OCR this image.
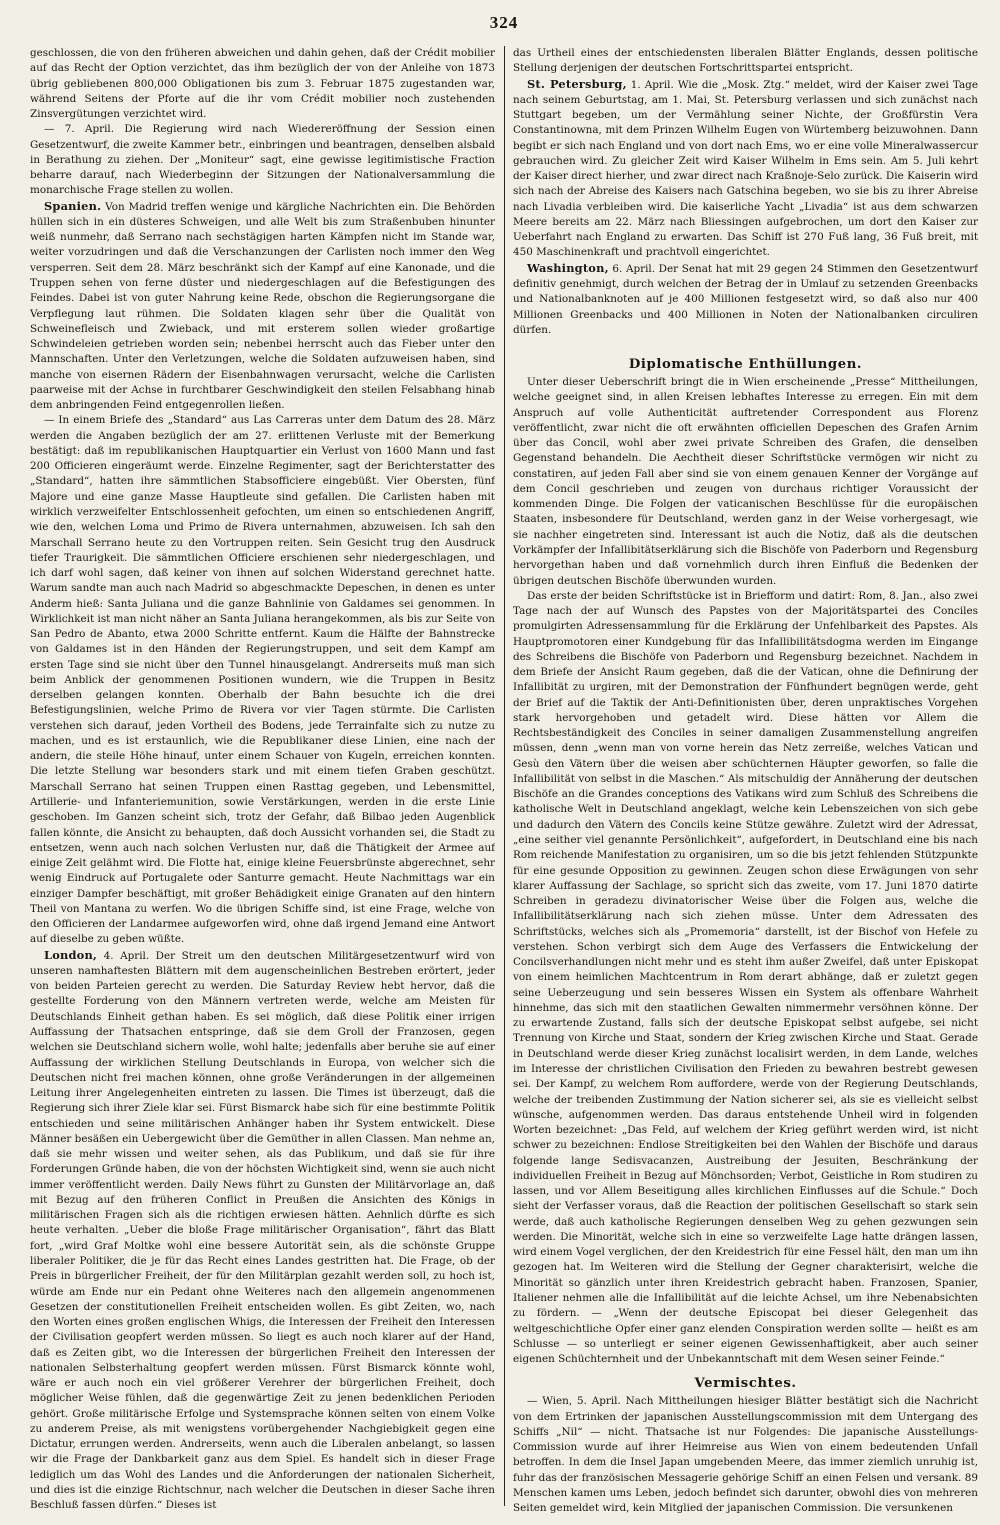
324

geschlossen, die von den früheren abweichen und dahin gehen, daß der Crédit mobilier auf das Recht der Option verzichtet, das ihm bezüglich der von der Anleihe von 1873 übrig gebliebenen 800,000 Obligationen bis zum 3. Februar 1875 zugestanden war, während Seitens der Pforte auf die ihr vom Crédit mobilier noch zustehenden Zinsvergütungen verzichtet wird.

— 7. April. Die Regierung wird nach Wiedereröffnung der Session einen Gesetzentwurf, die zweite Kammer betr., einbringen und beantragen, denselben alsbald in Berathung zu ziehen. Der „Moniteur“ sagt, eine gewisse legitimistische Fraction beharre darauf, nach Wiederbeginn der Sitzungen der Nationalversammlung die monarchische Frage stellen zu wollen.

Spanien. Von Madrid treffen wenige und kärgliche Nachrichten ein. Die Behörden hüllen sich in ein düsteres Schweigen, und alle Welt bis zum Straßenbuben hinunter weiß nunmehr, daß Serrano nach sechstägigen harten Kämpfen nicht im Stande war, weiter vorzudringen und daß die Verschanzungen der Carlisten noch immer den Weg versperren. Seit dem 28. März beschränkt sich der Kampf auf eine Kanonade, und die Truppen sehen von ferne düster und niedergeschlagen auf die Befestigungen des Feindes. Dabei ist von guter Nahrung keine Rede, obschon die Regierungsorgane die Verpflegung laut rühmen. Die Soldaten klagen sehr über die Qualität von Schweinefleisch und Zwieback, und mit ersterem sollen wieder großartige Schwindeleien getrieben worden sein; nebenbei herrscht auch das Fieber unter den Mannschaften. Unter den Verletzungen, welche die Soldaten aufzuweisen haben, sind manche von eisernen Rädern der Eisenbahnwagen verursacht, welche die Carlisten paarweise mit der Achse in furchtbarer Geschwindigkeit den steilen Felsabhang hinab dem anbringenden Feind entgegenrollen ließen.

— In einem Briefe des „Standard“ aus Las Carreras unter dem Datum des 28. März werden die Angaben bezüglich der am 27. erlittenen Verluste mit der Bemerkung bestätigt: daß im republikanischen Hauptquartier ein Verlust von 1600 Mann und fast 200 Officieren eingeräumt werde. Einzelne Regimenter, sagt der Berichterstatter des „Standard“, hatten ihre sämmtlichen Stabsofficiere eingebüßt. Vier Obersten, fünf Majore und eine ganze Masse Hauptleute sind gefallen. Die Carlisten haben mit wirklich verzweifelter Entschlossenheit gefochten, um einen so entschiedenen Angriff, wie den, welchen Loma und Primo de Rivera unternahmen, abzuweisen. Ich sah den Marschall Serrano heute zu den Vortruppen reiten. Sein Gesicht trug den Ausdruck tiefer Traurigkeit. Die sämmtlichen Officiere erschienen sehr niedergeschlagen, und ich darf wohl sagen, daß keiner von ihnen auf solchen Widerstand gerechnet hatte. Warum sandte man auch nach Madrid so abgeschmackte Depeschen, in denen es unter Anderm hieß: Santa Juliana und die ganze Bahnlinie von Galdames sei genommen. In Wirklichkeit ist man nicht näher an Santa Juliana herangekommen, als bis zur Seite von San Pedro de Abanto, etwa 2000 Schritte entfernt. Kaum die Hälfte der Bahnstrecke von Galdames ist in den Händen der Regierungstruppen, und seit dem Kampf am ersten Tage sind sie nicht über den Tunnel hinausgelangt. Andrerseits muß man sich beim Anblick der genommenen Positionen wundern, wie die Truppen in Besitz derselben gelangen konnten. Oberhalb der Bahn besuchte ich die drei Befestigungslinien, welche Primo de Rivera vor vier Tagen stürmte. Die Carlisten verstehen sich darauf, jeden Vortheil des Bodens, jede Terrainfalte sich zu nutze zu machen, und es ist erstaunlich, wie die Republikaner diese Linien, eine nach der andern, die steile Höhe hinauf, unter einem Schauer von Kugeln, erreichen konnten. Die letzte Stellung war besonders stark und mit einem tiefen Graben geschützt. Marschall Serrano hat seinen Truppen einen Rasttag gegeben, und Lebensmittel, Artillerie- und Infanteriemunition, sowie Verstärkungen, werden in die erste Linie geschoben. Im Ganzen scheint sich, trotz der Gefahr, daß Bilbao jeden Augenblick fallen könnte, die Ansicht zu behaupten, daß doch Aussicht vorhanden sei, die Stadt zu entsetzen, wenn auch nach solchen Verlusten nur, daß die Thätigkeit der Armee auf einige Zeit gelähmt wird. Die Flotte hat, einige kleine Feuersbrünste abgerechnet, sehr wenig Eindruck auf Portugalete oder Santurre gemacht. Heute Nachmittags war ein einziger Dampfer beschäftigt, mit großer Behädigkeit einige Granaten auf den hintern Theil von Mantana zu werfen. Wo die übrigen Schiffe sind, ist eine Frage, welche von den Officieren der Landarmee aufgeworfen wird, ohne daß irgend Jemand eine Antwort auf dieselbe zu geben wüßte.

London, 4. April. Der Streit um den deutschen Militärgesetzentwurf wird von unseren namhaftesten Blättern mit dem augenscheinlichen Bestreben erörtert, jeder von beiden Parteien gerecht zu werden. Die Saturday Review hebt hervor, daß die gestellte Forderung von den Männern vertreten werde, welche am Meisten für Deutschlands Einheit gethan haben. Es sei möglich, daß diese Politik einer irrigen Auffassung der Thatsachen entspringe, daß sie dem Groll der Franzosen, gegen welchen sie Deutschland sichern wolle, wohl halte; jedenfalls aber beruhe sie auf einer Auffassung der wirklichen Stellung Deutschlands in Europa, von welcher sich die Deutschen nicht frei machen können, ohne große Veränderungen in der allgemeinen Leitung ihrer Angelegenheiten eintreten zu lassen. Die Times ist überzeugt, daß die Regierung sich ihrer Ziele klar sei. Fürst Bismarck habe sich für eine bestimmte Politik entschieden und seine militärischen Anhänger haben ihr System entwickelt. Diese Männer besäßen ein Uebergewicht über die Gemüther in allen Classen. Man nehme an, daß sie mehr wissen und weiter sehen, als das Publikum, und daß sie für ihre Forderungen Gründe haben, die von der höchsten Wichtigkeit sind, wenn sie auch nicht immer veröffentlicht werden. Daily News führt zu Gunsten der Militärvorlage an, daß mit Bezug auf den früheren Conflict in Preußen die Ansichten des Königs in militärischen Fragen sich als die richtigen erwiesen hätten. Aehnlich dürfte es sich heute verhalten. „Ueber die bloße Frage militärischer Organisation“, fährt das Blatt fort, „wird Graf Moltke wohl eine bessere Autorität sein, als die schönste Gruppe liberaler Politiker, die je für das Recht eines Landes gestritten hat. Die Frage, ob der Preis in bürgerlicher Freiheit, der für den Militärplan gezahlt werden soll, zu hoch ist, würde am Ende nur ein Pedant ohne Weiteres nach den allgemein angenommenen Gesetzen der constitutionellen Freiheit entscheiden wollen. Es gibt Zeiten, wo, nach den Worten eines großen englischen Whigs, die Interessen der Freiheit den Interessen der Civilisation geopfert werden müssen. So liegt es auch noch klarer auf der Hand, daß es Zeiten gibt, wo die Interessen der bürgerlichen Freiheit den Interessen der nationalen Selbsterhaltung geopfert werden müssen. Fürst Bismarck könnte wohl, wäre er auch noch ein viel größerer Verehrer der bürgerlichen Freiheit, doch möglicher Weise fühlen, daß die gegenwärtige Zeit zu jenen bedenklichen Perioden gehört. Große militärische Erfolge und Systemsprache können selten von einem Volke zu anderem Preise, als mit wenigstens vorübergehender Nachgiebigkeit gegen eine Dictatur, errungen werden. Andrerseits, wenn auch die Liberalen anbelangt, so lassen wir die Frage der Dankbarkeit ganz aus dem Spiel. Es handelt sich in dieser Frage lediglich um das Wohl des Landes und die Anforderungen der nationalen Sicherheit, und dies ist die einzige Richtschnur, nach welcher die Deutschen in dieser Sache ihren Beschluß fassen dürfen.“ Dieses ist

das Urtheil eines der entschiedensten liberalen Blätter Englands, dessen politische Stellung derjenigen der deutschen Fortschrittspartei entspricht.

St. Petersburg, 1. April. Wie die „Mosk. Ztg.“ meldet, wird der Kaiser zwei Tage nach seinem Geburtstag, am 1. Mai, St. Petersburg verlassen und sich zunächst nach Stuttgart begeben, um der Vermählung seiner Nichte, der Großfürstin Vera Constantinowna, mit dem Prinzen Wilhelm Eugen von Würtemberg beizuwohnen. Dann begibt er sich nach England und von dort nach Ems, wo er eine volle Mineralwassercur gebrauchen wird. Zu gleicher Zeit wird Kaiser Wilhelm in Ems sein. Am 5. Juli kehrt der Kaiser direct hierher, und zwar direct nach Kraßnoje-Selo zurück. Die Kaiserin wird sich nach der Abreise des Kaisers nach Gatschina begeben, wo sie bis zu ihrer Abreise nach Livadia verbleiben wird. Die kaiserliche Yacht „Livadia“ ist aus dem schwarzen Meere bereits am 22. März nach Bliessingen aufgebrochen, um dort den Kaiser zur Ueberfahrt nach England zu erwarten. Das Schiff ist 270 Fuß lang, 36 Fuß breit, mit 450 Maschinenkraft und prachtvoll eingerichtet.

Washington, 6. April. Der Senat hat mit 29 gegen 24 Stimmen den Gesetzentwurf definitiv genehmigt, durch welchen der Betrag der in Umlauf zu setzenden Greenbacks und Nationalbanknoten auf je 400 Millionen festgesetzt wird, so daß also nur 400 Millionen Greenbacks und 400 Millionen in Noten der Nationalbanken circuliren dürfen.

Diplomatische Enthüllungen.

Unter dieser Ueberschrift bringt die in Wien erscheinende „Presse“ Mittheilungen, welche geeignet sind, in allen Kreisen lebhaftes Interesse zu erregen. Ein mit dem Anspruch auf volle Authenticität auftretender Correspondent aus Florenz veröffentlicht, zwar nicht die oft erwähnten officiellen Depeschen des Grafen Arnim über das Concil, wohl aber zwei private Schreiben des Grafen, die denselben Gegenstand behandeln. Die Aechtheit dieser Schriftstücke vermögen wir nicht zu constatiren, auf jeden Fall aber sind sie von einem genauen Kenner der Vorgänge auf dem Concil geschrieben und zeugen von durchaus richtiger Voraussicht der kommenden Dinge. Die Folgen der vaticanischen Beschlüsse für die europäischen Staaten, insbesondere für Deutschland, werden ganz in der Weise vorhergesagt, wie sie nachher eingetreten sind. Interessant ist auch die Notiz, daß als die deutschen Vorkämpfer der Infallibitätserklärung sich die Bischöfe von Paderborn und Regensburg hervorgethan haben und daß vornehmlich durch ihren Einfluß die Bedenken der übrigen deutschen Bischöfe überwunden wurden.

Das erste der beiden Schriftstücke ist in Briefform und datirt: Rom, 8. Jan., also zwei Tage nach der auf Wunsch des Papstes von der Majoritätspartei des Conciles promulgirten Adressensammlung für die Erklärung der Unfehlbarkeit des Papstes. Als Hauptpromotoren einer Kundgebung für das Infallibilitätsdogma werden im Eingange des Schreibens die Bischöfe von Paderborn und Regensburg bezeichnet. Nachdem in dem Briefe der Ansicht Raum gegeben, daß die der Vatican, ohne die Definirung der Infallibität zu urgiren, mit der Demonstration der Fünfhundert begnügen werde, geht der Brief auf die Taktik der Anti-Definitionisten über, deren unpraktisches Vorgehen stark hervorgehoben und getadelt wird. Diese hätten vor Allem die Rechtsbeständigkeit des Conciles in seiner damaligen Zusammenstellung angreifen müssen, denn „wenn man von vorne herein das Netz zerreiße, welches Vatican und Gesù den Vätern über die weisen aber schüchternen Häupter geworfen, so falle die Infallibilität von selbst in die Maschen.“ Als mitschuldig der Annäherung der deutschen Bischöfe an die Grandes conceptions des Vatikans wird zum Schluß des Schreibens die katholische Welt in Deutschland angeklagt, welche kein Lebenszeichen von sich gebe und dadurch den Vätern des Concils keine Stütze gewähre. Zuletzt wird der Adressat, „eine seither viel genannte Persönlichkeit“, aufgefordert, in Deutschland eine bis nach Rom reichende Manifestation zu organisiren, um so die bis jetzt fehlenden Stützpunkte für eine gesunde Opposition zu gewinnen. Zeugen schon diese Erwägungen von sehr klarer Auffassung der Sachlage, so spricht sich das zweite, vom 17. Juni 1870 datirte Schreiben in geradezu divinatorischer Weise über die Folgen aus, welche die Infallibilitätserklärung nach sich ziehen müsse. Unter dem Adressaten des Schriftstücks, welches sich als „Promemoria“ darstellt, ist der Bischof von Hefele zu verstehen. Schon verbirgt sich dem Auge des Verfassers die Entwickelung der Concilsverhandlungen nicht mehr und es steht ihm außer Zweifel, daß unter Episkopat von einem heimlichen Machtcentrum in Rom derart abhänge, daß er zuletzt gegen seine Ueberzeugung und sein besseres Wissen ein System als offenbare Wahrheit hinnehme, das sich mit den staatlichen Gewalten nimmermehr versöhnen könne. Der zu erwartende Zustand, falls sich der deutsche Episkopat selbst aufgebe, sei nicht Trennung von Kirche und Staat, sondern der Krieg zwischen Kirche und Staat. Gerade in Deutschland werde dieser Krieg zunächst localisirt werden, in dem Lande, welches im Interesse der christlichen Civilisation den Frieden zu bewahren bestrebt gewesen sei. Der Kampf, zu welchem Rom auffordere, werde von der Regierung Deutschlands, welche der treibenden Zustimmung der Nation sicherer sei, als sie es vielleicht selbst wünsche, aufgenommen werden. Das daraus entstehende Unheil wird in folgenden Worten bezeichnet: „Das Feld, auf welchem der Krieg geführt werden wird, ist nicht schwer zu bezeichnen: Endlose Streitigkeiten bei den Wahlen der Bischöfe und daraus folgende lange Sedisvacanzen, Austreibung der Jesuiten, Beschränkung der individuellen Freiheit in Bezug auf Mönchsorden; Verbot, Geistliche in Rom studiren zu lassen, und vor Allem Beseitigung alles kirchlichen Einflusses auf die Schule.“ Doch sieht der Verfasser voraus, daß die Reaction der politischen Gesellschaft so stark sein werde, daß auch katholische Regierungen denselben Weg zu gehen gezwungen sein werden. Die Minorität, welche sich in eine so verzweifelte Lage hatte drängen lassen, wird einem Vogel verglichen, der den Kreidestrich für eine Fessel hält, den man um ihn gezogen hat. Im Weiteren wird die Stellung der Gegner charakterisirt, welche die Minorität so gänzlich unter ihren Kreidestrich gebracht haben. Franzosen, Spanier, Italiener nehmen alle die Infallibilität auf die leichte Achsel, um ihre Nebenabsichten zu fördern. — „Wenn der deutsche Episcopat bei dieser Gelegenheit das weltgeschichtliche Opfer einer ganz elenden Conspiration werden sollte — heißt es am Schlusse — so unterliegt er seiner eigenen Gewissenhaftigkeit, aber auch seiner eigenen Schüchternheit und der Unbekanntschaft mit dem Wesen seiner Feinde.“

Vermischtes.

— Wien, 5. April. Nach Mittheilungen hiesiger Blätter bestätigt sich die Nachricht von dem Ertrinken der japanischen Ausstellungscommission mit dem Untergang des Schiffs „Nil“ — nicht. Thatsache ist nur Folgendes: Die japanische Ausstellungs-Commission wurde auf ihrer Heimreise aus Wien von einem bedeutenden Unfall betroffen. In dem die Insel Japan umgebenden Meere, das immer ziemlich unruhig ist, fuhr das der französischen Messagerie gehörige Schiff an einen Felsen und versank. 89 Menschen kamen ums Leben, jedoch befindet sich darunter, obwohl dies von mehreren Seiten gemeldet wird, kein Mitglied der japanischen Commission. Die versunkenen
